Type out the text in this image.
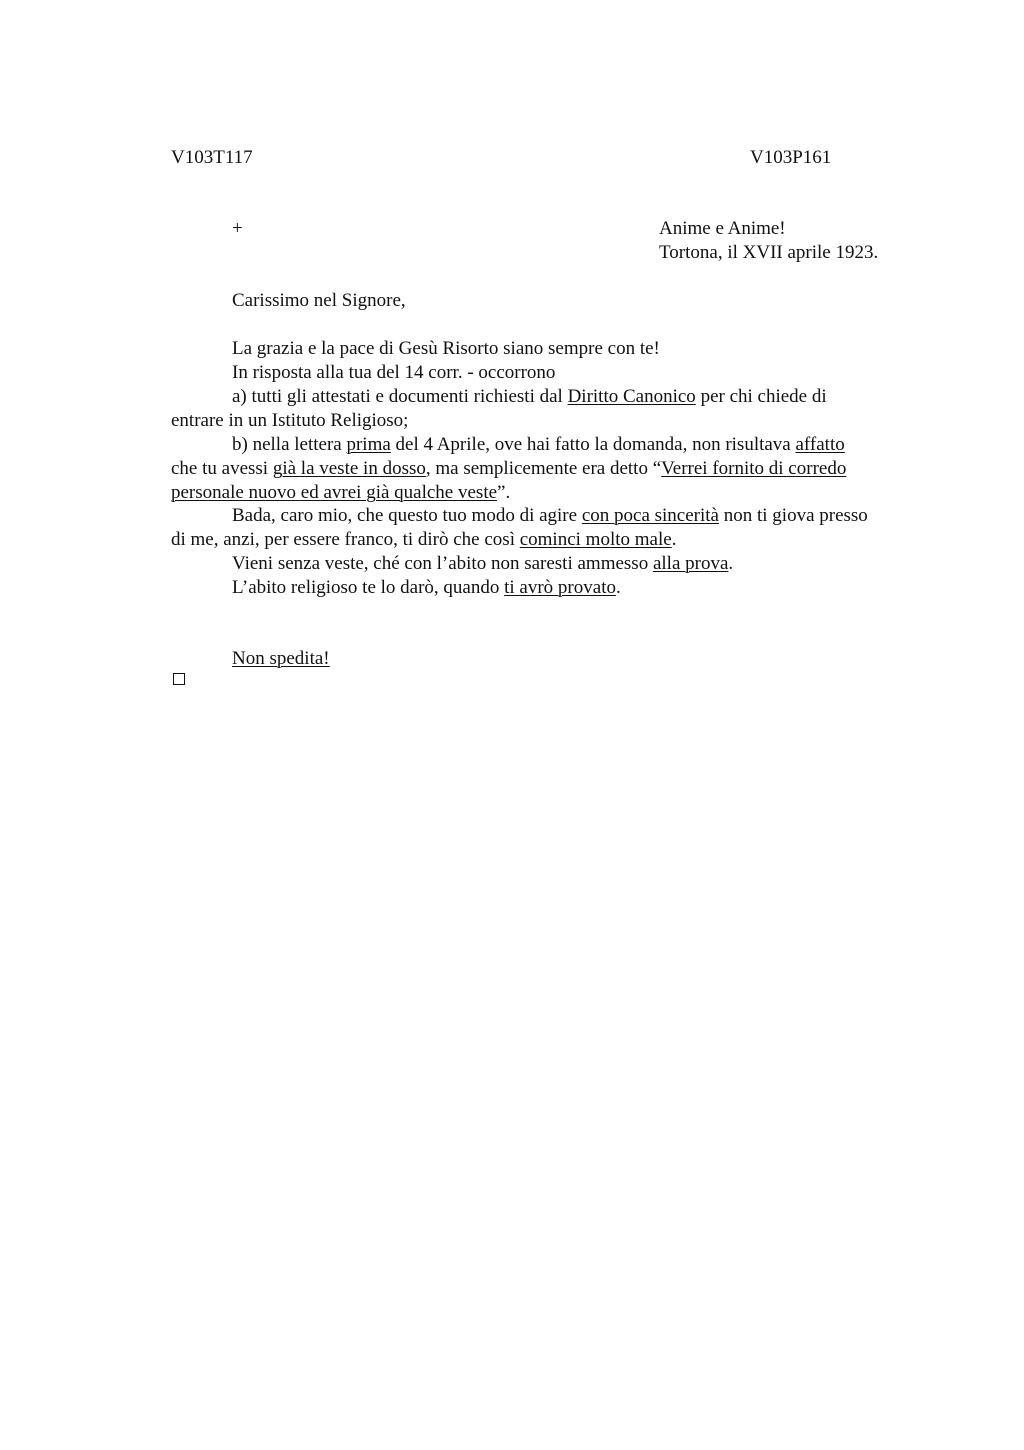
V103T117	V103P161
+	Anime e Anime!
Tortona, il XVII aprile 1923.
Carissimo nel Signore,
La grazia e la pace di Gesù Risorto siano sempre con te!
In risposta alla tua del 14 corr. - occorrono
a) tutti gli attestati e documenti richiesti dal Diritto Canonico per chi chiede di
entrare in un Istituto Religioso;
b) nella lettera prima del 4 Aprile, ove hai fatto la domanda, non risultava affatto
che tu avessi già la veste in dosso, ma semplicemente era detto “Verrei fornito di corredo
personale nuovo ed avrei già qualche veste”.
Bada, caro mio, che questo tuo modo di agire con poca sincerità non ti giova presso
di me, anzi, per essere franco, ti dirò che così cominci molto male.
Vieni senza veste, ché con l’abito non saresti ammesso alla prova.
L’abito religioso te lo darò, quando ti avrò provato.
Non spedita!
